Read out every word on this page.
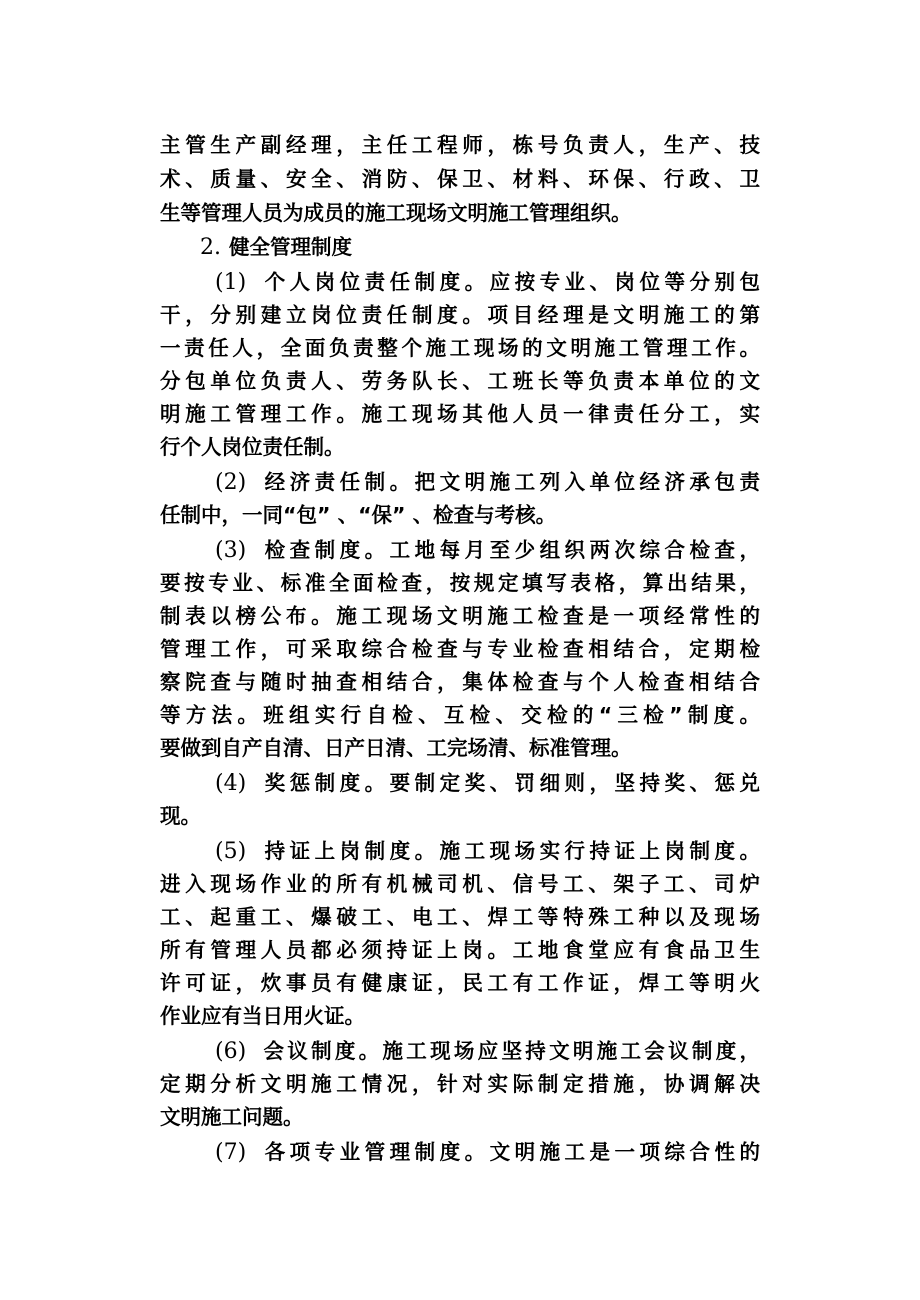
主管生产副经理，主任工程师，栋号负责人，生产、技
术、质量、安全、消防、保卫、材料、环保、行政、卫
生等管理人员为成员的施工现场文明施工管理组织。
2. 健全管理制度
(1) 个人岗位责任制度。应按专业、岗位等分别包
干，分别建立岗位责任制度。项目经理是文明施工的第
一责任人，全面负责整个施工现场的文明施工管理工作。
分包单位负责人、劳务队长、工班长等负责本单位的文
明施工管理工作。施工现场其他人员一律责任分工，实
行个人岗位责任制。
(2) 经济责任制。把文明施工列入单位经济承包责
任制中，一同“包” 、“保” 、检查与考核。
(3) 检查制度。工地每月至少组织两次综合检查，
要按专业、标准全面检查，按规定填写表格，算出结果，
制表以榜公布。施工现场文明施工检查是一项经常性的
管理工作，可采取综合检查与专业检查相结合，定期检
察院查与随时抽查相结合，集体检查与个人检查相结合
等方法。班组实行自检、互检、交检的“三检”制度。
要做到自产自清、日产日清、工完场清、标准管理。
(4) 奖惩制度。要制定奖、罚细则，坚持奖、惩兑
现。
(5) 持证上岗制度。施工现场实行持证上岗制度。
进入现场作业的所有机械司机、信号工、架子工、司炉
工、起重工、爆破工、电工、焊工等特殊工种以及现场
所有管理人员都必须持证上岗。工地食堂应有食品卫生
许可证，炊事员有健康证，民工有工作证，焊工等明火
作业应有当日用火证。
(6) 会议制度。施工现场应坚持文明施工会议制度，
定期分析文明施工情况，针对实际制定措施，协调解决
文明施工问题。
(7) 各项专业管理制度。文明施工是一项综合性的
